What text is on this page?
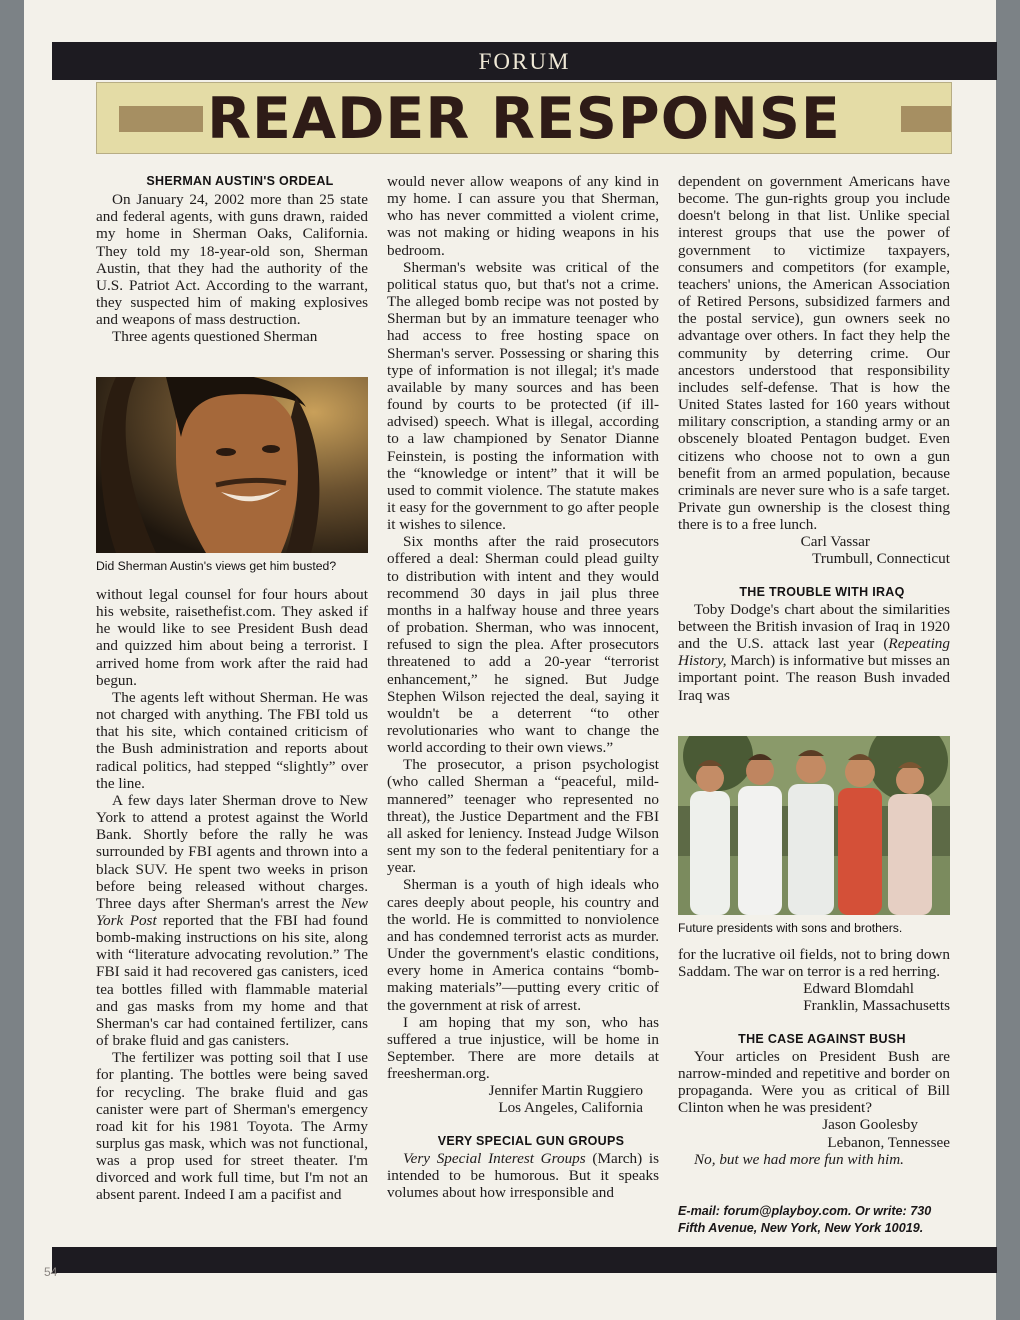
FORUM
READER RESPONSE

SHERMAN AUSTIN'S ORDEAL

On January 24, 2002 more than 25 state and federal agents, with guns drawn, raided my home in Sherman Oaks, California. They told my 18-year-old son, Sherman Austin, that they had the authority of the U.S. Patriot Act. According to the warrant, they suspected him of making explosives and weapons of mass destruction.

Three agents questioned Sherman

Did Sherman Austin's views get him busted?

without legal counsel for four hours about his website, raisethefist.com. They asked if he would like to see President Bush dead and quizzed him about being a terrorist. I arrived home from work after the raid had begun.

The agents left without Sherman. He was not charged with anything. The FBI told us that his site, which contained criticism of the Bush administration and reports about radical politics, had stepped “slightly” over the line.

A few days later Sherman drove to New York to attend a protest against the World Bank. Shortly before the rally he was surrounded by FBI agents and thrown into a black SUV. He spent two weeks in prison before being released without charges. Three days after Sherman's arrest the New York Post reported that the FBI had found bomb-making instructions on his site, along with “literature advocating revolution.” The FBI said it had recovered gas canisters, iced tea bottles filled with flammable material and gas masks from my home and that Sherman's car had contained fertilizer, cans of brake fluid and gas canisters.

The fertilizer was potting soil that I use for planting. The bottles were being saved for recycling. The brake fluid and gas canister were part of Sherman's emergency road kit for his 1981 Toyota. The Army surplus gas mask, which was not functional, was a prop used for street theater. I'm divorced and work full time, but I'm not an absent parent. Indeed I am a pacifist and

would never allow weapons of any kind in my home. I can assure you that Sherman, who has never committed a violent crime, was not making or hiding weapons in his bedroom.

Sherman's website was critical of the political status quo, but that's not a crime. The alleged bomb recipe was not posted by Sherman but by an immature teenager who had access to free hosting space on Sherman's server. Possessing or sharing this type of information is not illegal; it's made available by many sources and has been found by courts to be protected (if ill-advised) speech. What is illegal, according to a law championed by Senator Dianne Feinstein, is posting the information with the “knowledge or intent” that it will be used to commit violence. The statute makes it easy for the government to go after people it wishes to silence.

Six months after the raid prosecutors offered a deal: Sherman could plead guilty to distribution with intent and they would recommend 30 days in jail plus three months in a halfway house and three years of probation. Sherman, who was innocent, refused to sign the plea. After prosecutors threatened to add a 20-year “terrorist enhancement,” he signed. But Judge Stephen Wilson rejected the deal, saying it wouldn't be a deterrent “to other revolutionaries who want to change the world according to their own views.”

The prosecutor, a prison psychologist (who called Sherman a “peaceful, mild-mannered” teenager who represented no threat), the Justice Department and the FBI all asked for leniency. Instead Judge Wilson sent my son to the federal penitentiary for a year.

Sherman is a youth of high ideals who cares deeply about people, his country and the world. He is committed to nonviolence and has condemned terrorist acts as murder. Under the government's elastic conditions, every home in America contains “bomb-making materials”—putting every critic of the government at risk of arrest.

I am hoping that my son, who has suffered a true injustice, will be home in September. There are more details at freesherman.org.

Jennifer Martin Ruggiero

Los Angeles, California

VERY SPECIAL GUN GROUPS

Very Special Interest Groups (March) is intended to be humorous. But it speaks volumes about how irresponsible and

dependent on government Americans have become. The gun-rights group you include doesn't belong in that list. Unlike special interest groups that use the power of government to victimize taxpayers, consumers and competitors (for example, teachers' unions, the American Association of Retired Persons, subsidized farmers and the postal service), gun owners seek no advantage over others. In fact they help the community by deterring crime. Our ancestors understood that responsibility includes self-defense. That is how the United States lasted for 160 years without military conscription, a standing army or an obscenely bloated Pentagon budget. Even citizens who choose not to own a gun benefit from an armed population, because criminals are never sure who is a safe target. Private gun ownership is the closest thing there is to a free lunch.

Carl Vassar

Trumbull, Connecticut

THE TROUBLE WITH IRAQ

Toby Dodge's chart about the similarities between the British invasion of Iraq in 1920 and the U.S. attack last year (Repeating History, March) is informative but misses an important point. The reason Bush invaded Iraq was

Future presidents with sons and brothers.

for the lucrative oil fields, not to bring down Saddam. The war on terror is a red herring.

Edward Blomdahl

Franklin, Massachusetts

THE CASE AGAINST BUSH

Your articles on President Bush are narrow-minded and repetitive and border on propaganda. Were you as critical of Bill Clinton when he was president?

Jason Goolesby

Lebanon, Tennessee

No, but we had more fun with him.

E-mail: forum@playboy.com. Or write: 730
Fifth Avenue, New York, New York 10019.
54
